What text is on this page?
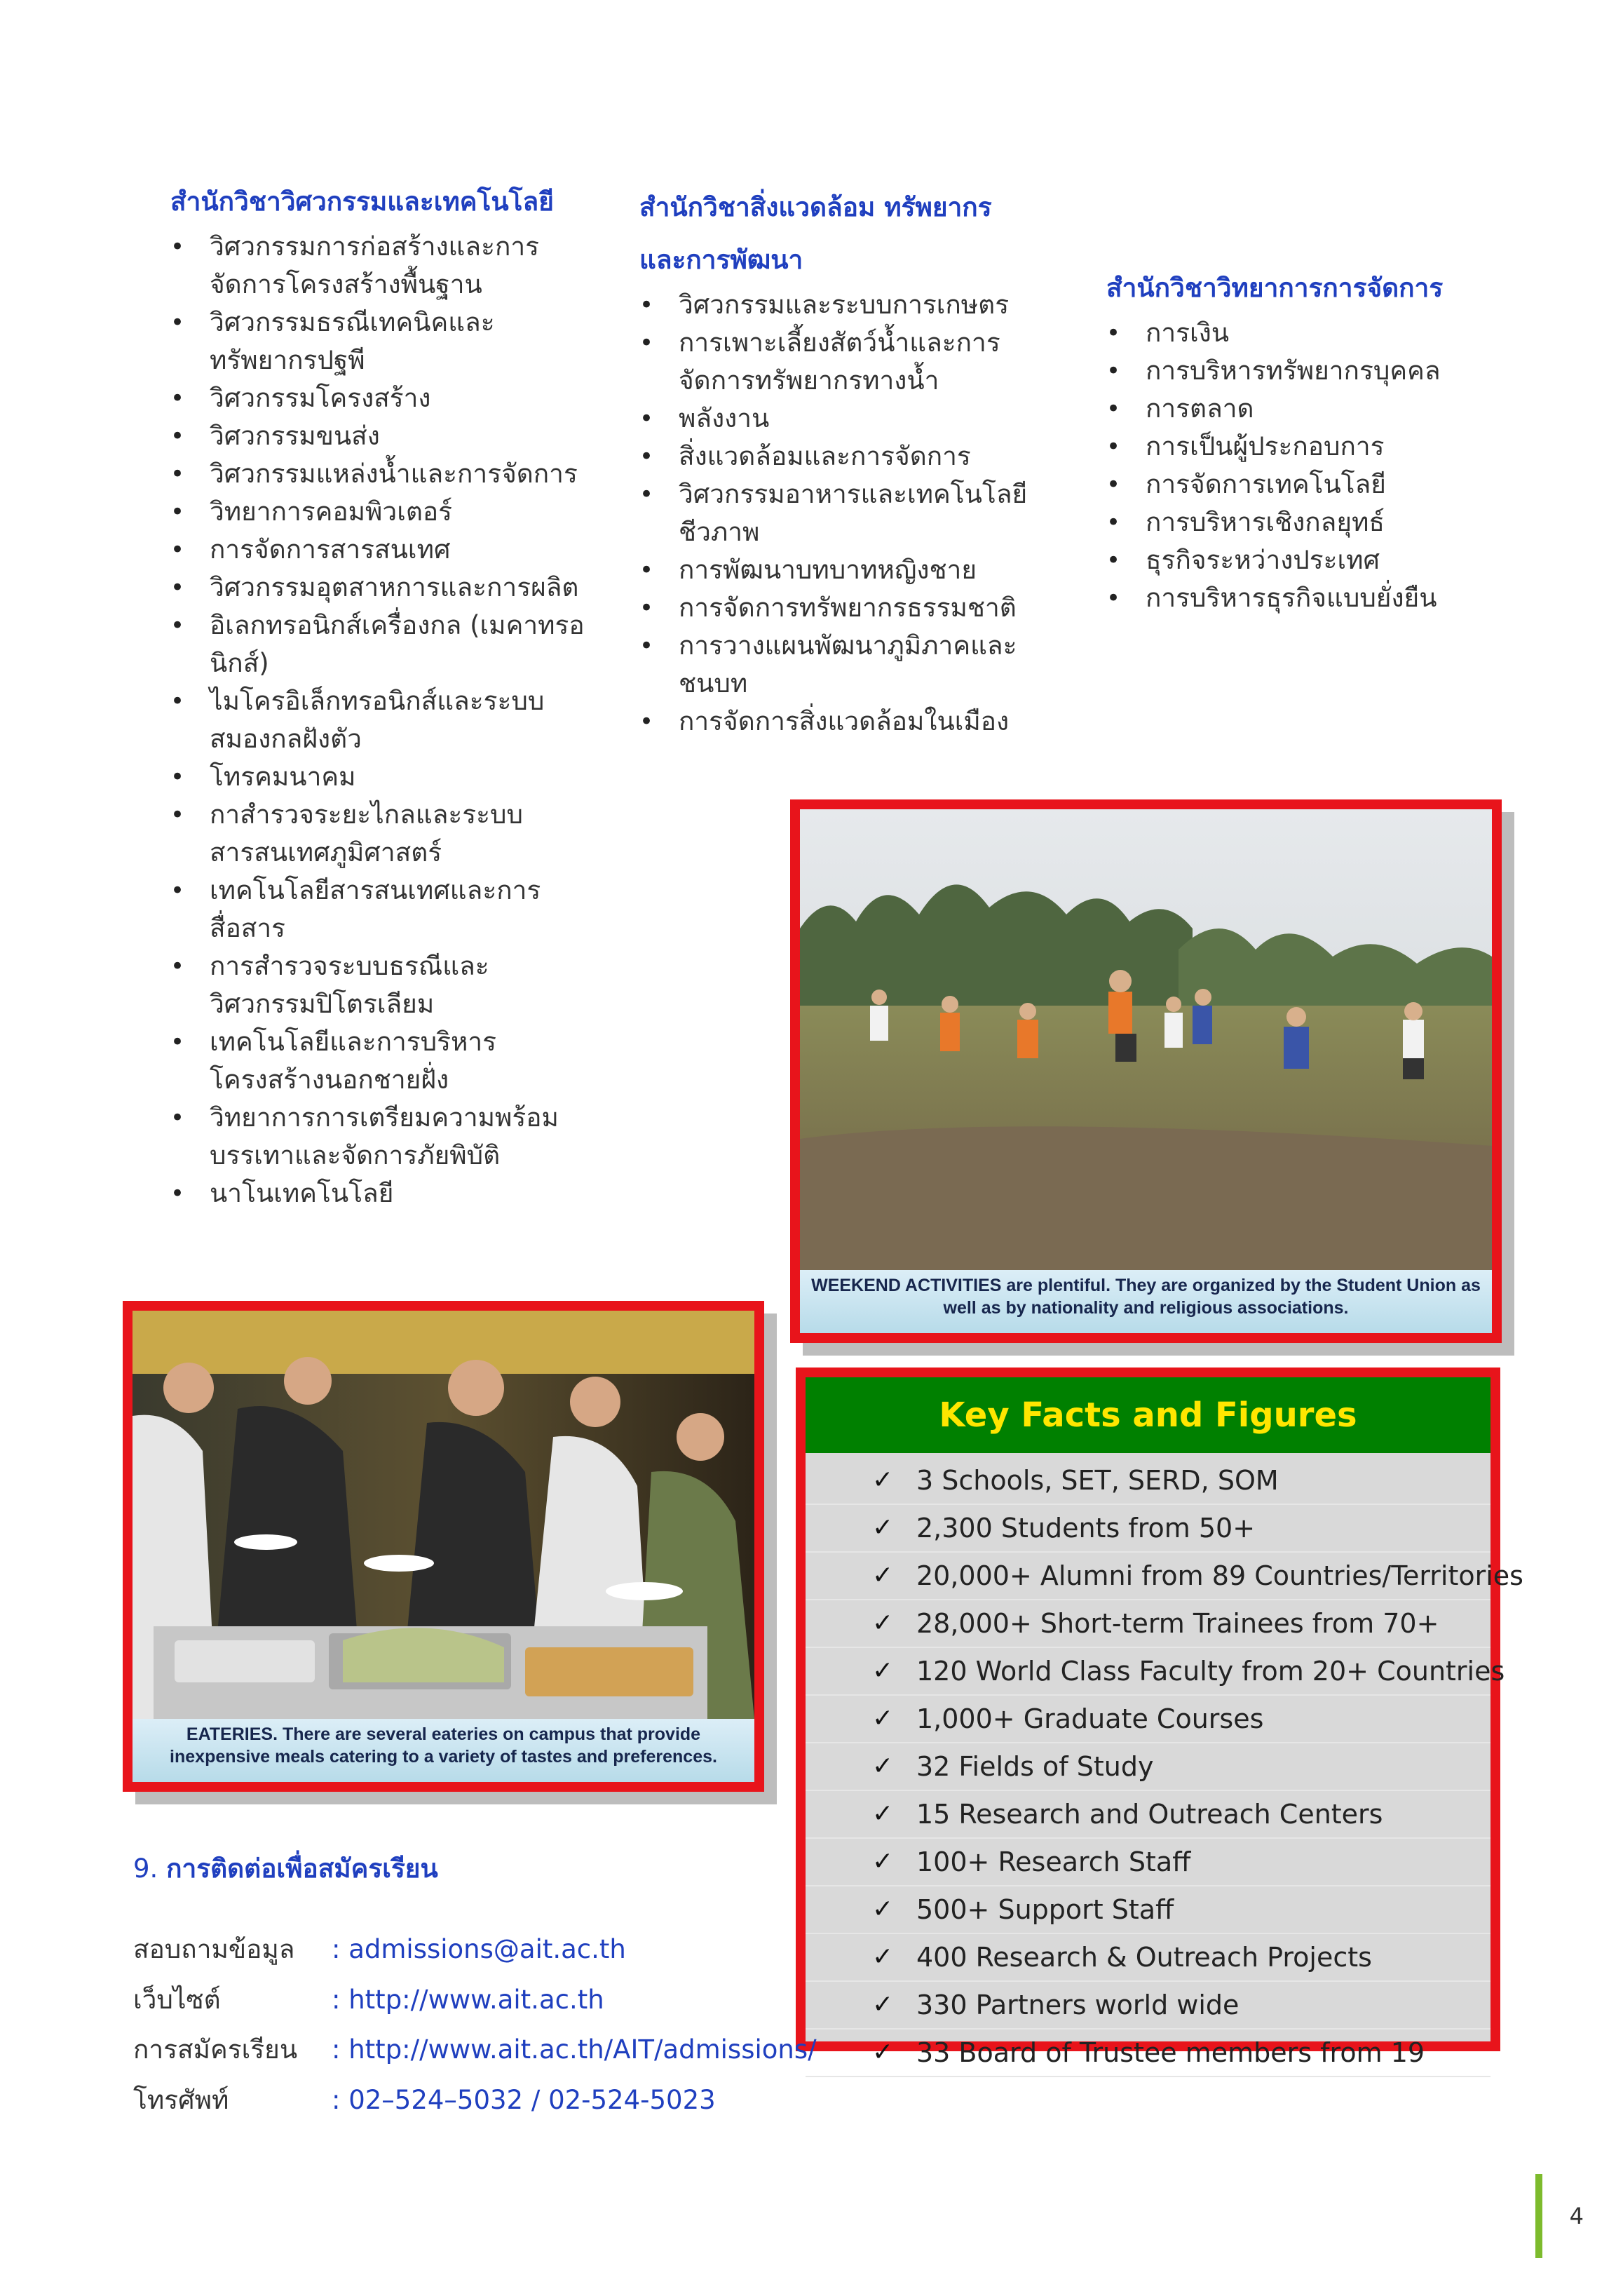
สำนักวิชาวิศวกรรมและเทคโนโลยี

• วิศวกรรมการก่อสร้างและการจัดการโครงสร้างพื้นฐาน
• วิศวกรรมธรณีเทคนิคและทรัพยากรปฐพี
• วิศวกรรมโครงสร้าง
• วิศวกรรมขนส่ง
• วิศวกรรมแหล่งน้ำและการจัดการ
• วิทยาการคอมพิวเตอร์
• การจัดการสารสนเทศ
• วิศวกรรมอุตสาหการและการผลิต
• อิเลกทรอนิกส์เครื่องกล (เมคาทรอนิกส์)
• ไมโครอิเล็กทรอนิกส์และระบบสมองกลฝังตัว
• โทรคมนาคม
• กาสำรวจระยะไกลและระบบสารสนเทศภูมิศาสตร์
• เทคโนโลยีสารสนเทศและการสื่อสาร
• การสำรวจระบบธรณีและวิศวกรรมปิโตรเลียม
• เทคโนโลยีและการบริหารโครงสร้างนอกชายฝั่ง
• วิทยาการการเตรียมความพร้อมบรรเทาและจัดการภัยพิบัติ
• นาโนเทคโนโลยี

สำนักวิชาสิ่งแวดล้อม ทรัพยากรและการพัฒนา

• วิศวกรรมและระบบการเกษตร
• การเพาะเลี้ยงสัตว์น้ำและการจัดการทรัพยากรทางน้ำ
• พลังงาน
• สิ่งแวดล้อมและการจัดการ
• วิศวกรรมอาหารและเทคโนโลยีชีวภาพ
• การพัฒนาบทบาทหญิงชาย
• การจัดการทรัพยากรธรรมชาติ
• การวางแผนพัฒนาภูมิภาคและชนบท
• การจัดการสิ่งแวดล้อมในเมือง

สำนักวิชาวิทยาการการจัดการ

• การเงิน
• การบริหารทรัพยากรบุคคล
• การตลาด
• การเป็นผู้ประกอบการ
• การจัดการเทคโนโลยี
• การบริหารเชิงกลยุทธ์
• ธุรกิจระหว่างประเทศ
• การบริหารธุรกิจแบบยั่งยืน
WEEKEND ACTIVITIES are plentiful. They are organized by the Student Union as well as by nationality and religious associations.
EATERIES. There are several eateries on campus that provide inexpensive meals catering to a variety of tastes and preferences.
Key Facts and Figures
✓ 3 Schools, SET, SERD, SOM
✓ 2,300 Students from 50+
✓ 20,000+ Alumni from 89 Countries/Territories
✓ 28,000+ Short-term Trainees from 70+
✓ 120 World Class Faculty from 20+ Countries
✓ 1,000+ Graduate Courses
✓ 32 Fields of Study
✓ 15 Research and Outreach Centers
✓ 100+ Research Staff
✓ 500+ Support Staff
✓ 400 Research & Outreach Projects
✓ 330 Partners world wide
✓ 33 Board of Trustee members from 19
9. การติดต่อเพื่อสมัครเรียน
สอบถามข้อมูล : admissions@ait.ac.th
เว็บไซต์	: http://www.ait.ac.th
การสมัครเรียน : http://www.ait.ac.th/AIT/admissions/
โทรศัพท์	: 02–524–5032 / 02-524-5023
4
